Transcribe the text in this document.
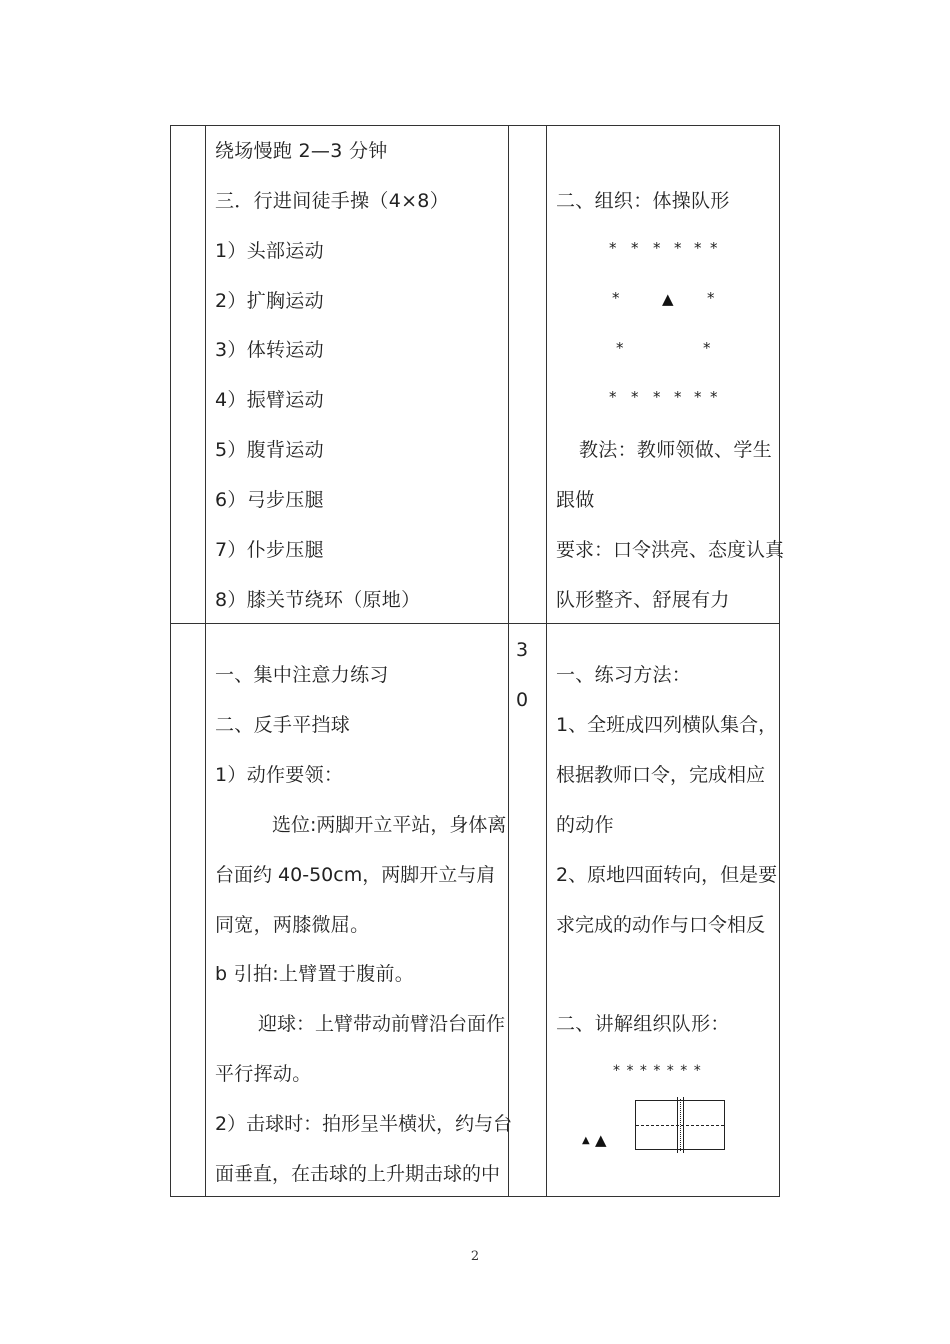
绕场慢跑 2—3 分钟
三．行进间徒手操（4×8）
1）头部运动
2）扩胸运动
3）体转运动
4）振臂运动
5）腹背运动
6）弓步压腿
7）仆步压腿
8）膝关节绕环（原地）
二、组织：体操队形
* * * * * *
*	▲ *
*	*
* * * * * *
教法：教师领做、学生
跟做
要求：口令洪亮、态度认真
队形整齐、舒展有力
3
0
一、集中注意力练习
二、反手平挡球
1）动作要领：
选位:两脚开立平站，身体离
台面约 40-50cm，两脚开立与肩
同宽，两膝微屈。
b 引拍:上臂置于腹前。
迎球：上臂带动前臂沿台面作
平行挥动。
2）击球时：拍形呈半横状，约与台
面垂直，在击球的上升期击球的中
一、练习方法：
1、全班成四列横队集合，
根据教师口令，完成相应
的动作
2、原地四面转向，但是要
求完成的动作与口令相反
二、讲解组织队形：
* * * * * * *
▲ ▲
2
